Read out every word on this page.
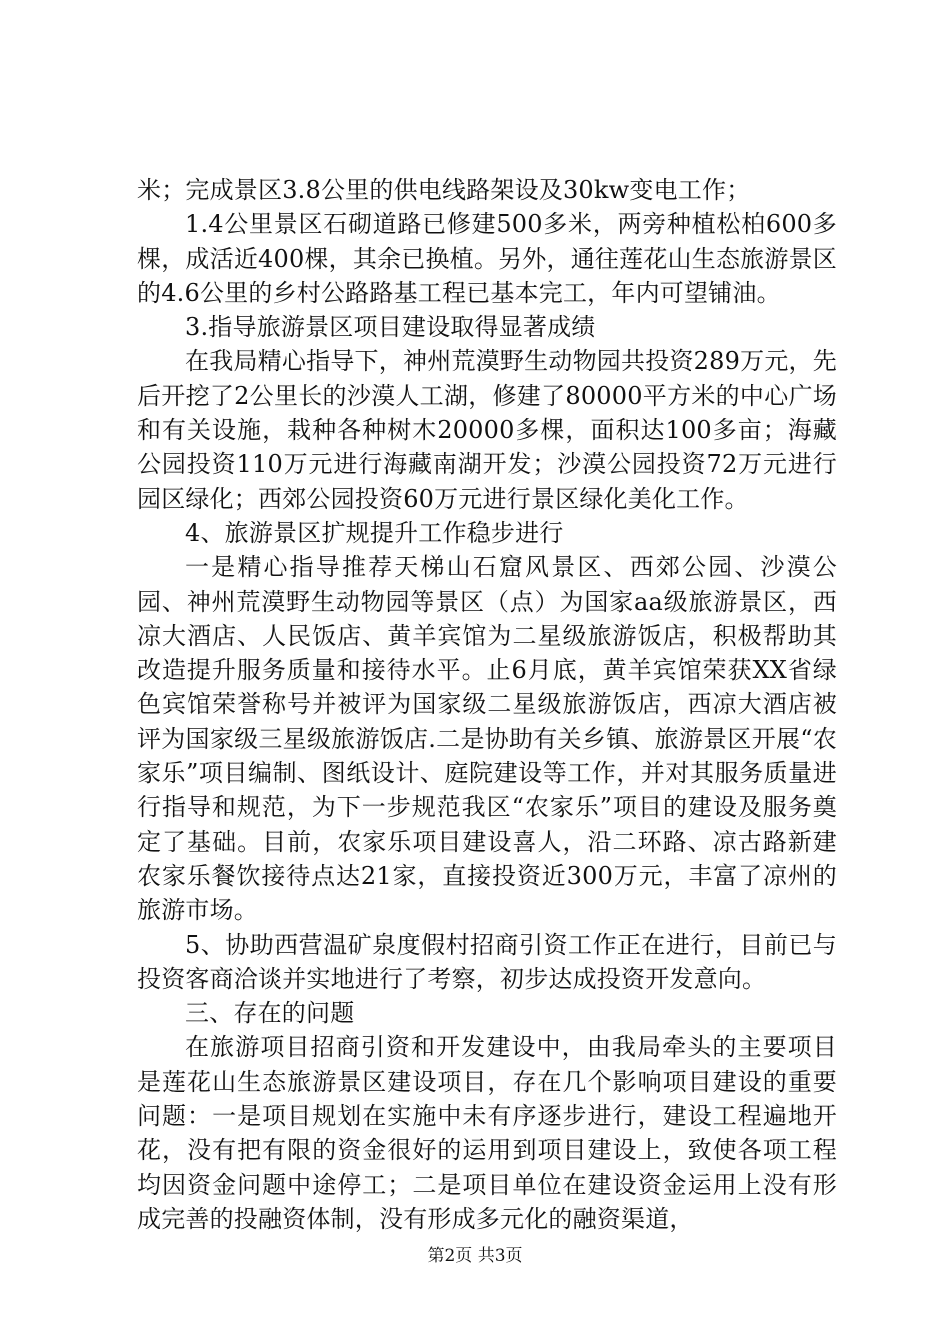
米；完成景区3.8公里的供电线路架设及30kw变电工作；

1.4公里景区石砌道路已修建500多米，两旁种植松柏600多棵，成活近400棵，其余已换植。另外，通往莲花山生态旅游景区的4.6公里的乡村公路路基工程已基本完工，年内可望铺油。

3.指导旅游景区项目建设取得显著成绩

在我局精心指导下，神州荒漠野生动物园共投资289万元，先后开挖了2公里长的沙漠人工湖，修建了80000平方米的中心广场和有关设施，栽种各种树木20000多棵，面积达100多亩；海藏公园投资110万元进行海藏南湖开发；沙漠公园投资72万元进行园区绿化；西郊公园投资60万元进行景区绿化美化工作。

4、旅游景区扩规提升工作稳步进行

一是精心指导推荐天梯山石窟风景区、西郊公园、沙漠公园、神州荒漠野生动物园等景区（点）为国家aa级旅游景区，西凉大酒店、人民饭店、黄羊宾馆为二星级旅游饭店，积极帮助其改造提升服务质量和接待水平。止6月底，黄羊宾馆荣获XX省绿色宾馆荣誉称号并被评为国家级二星级旅游饭店，西凉大酒店被评为国家级三星级旅游饭店.二是协助有关乡镇、旅游景区开展“农家乐”项目编制、图纸设计、庭院建设等工作，并对其服务质量进行指导和规范，为下一步规范我区“农家乐”项目的建设及服务奠定了基础。目前，农家乐项目建设喜人，沿二环路、凉古路新建农家乐餐饮接待点达21家，直接投资近300万元，丰富了凉州的旅游市场。

5、协助西营温矿泉度假村招商引资工作正在进行，目前已与投资客商洽谈并实地进行了考察，初步达成投资开发意向。

三、存在的问题

在旅游项目招商引资和开发建设中，由我局牵头的主要项目是莲花山生态旅游景区建设项目，存在几个影响项目建设的重要问题：一是项目规划在实施中未有序逐步进行，建设工程遍地开花，没有把有限的资金很好的运用到项目建设上，致使各项工程均因资金问题中途停工；二是项目单位在建设资金运用上没有形成完善的投融资体制，没有形成多元化的融资渠道，

第2页 共3页
